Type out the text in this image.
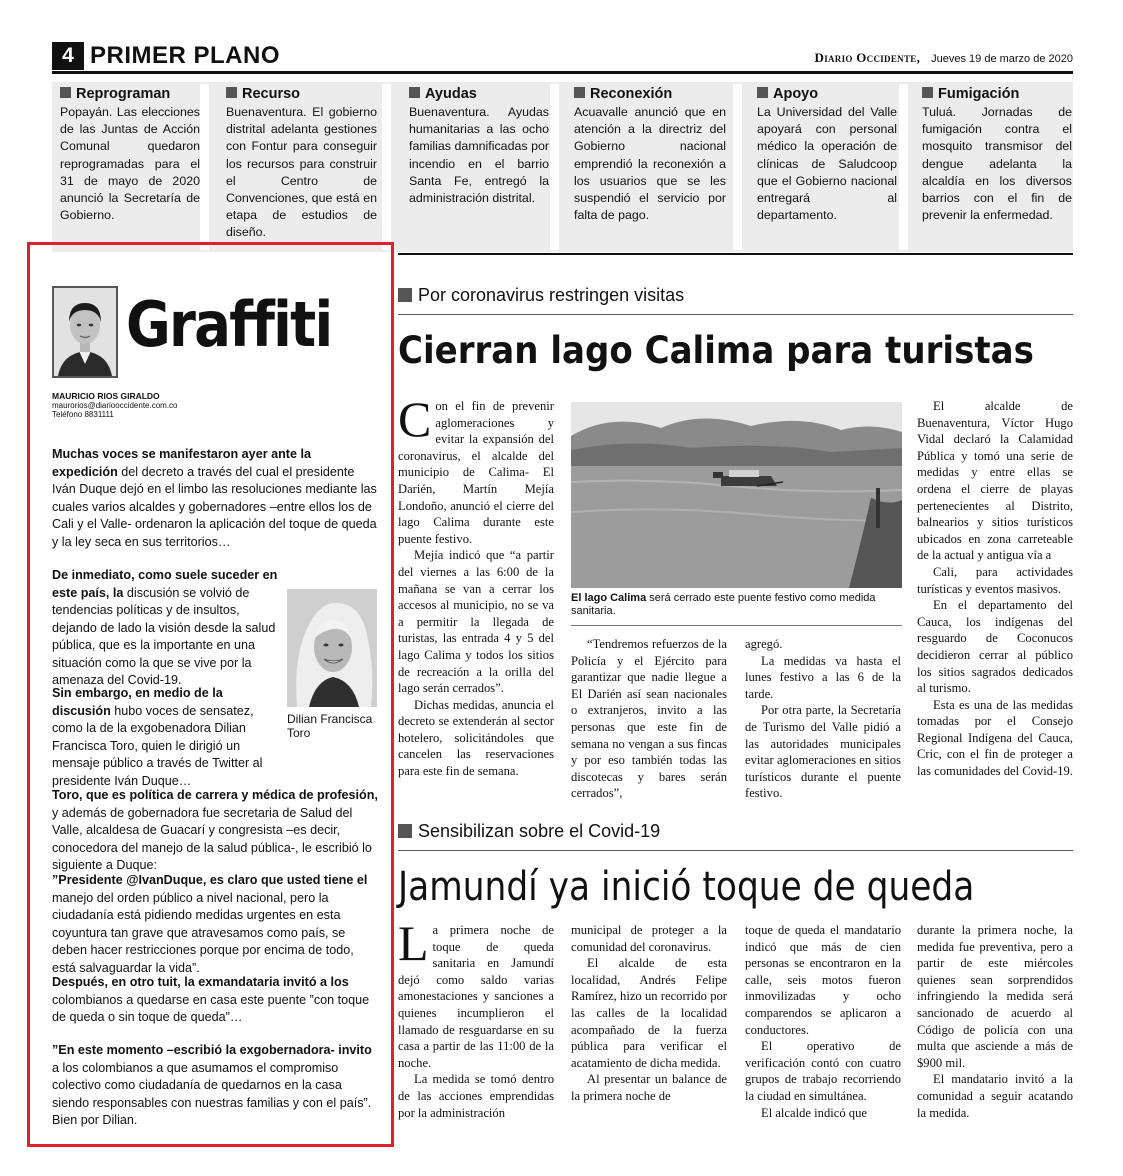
4 PRIMER PLANO	Diario Occidente, Jueves 19 de marzo de 2020
Reprograman

Popayán. Las elecciones de las Juntas de Acción Comunal quedaron reprogramadas para el 31 de mayo de 2020 anunció la Secretaría de Gobierno.

Recurso

Buenaventura. El gobierno distrital adelanta gestiones con Fontur para conseguir los recursos para construir el Centro de Convenciones, que está en etapa de estudios de diseño.

Ayudas

Buenaventura. Ayudas humanitarias a las ocho familias damnificadas por incendio en el barrio Santa Fe, entregó la administración distrital.

Reconexión

Acuavalle anunció que en atención a la directriz del Gobierno nacional emprendió la reconexión a los usuarios que se les suspendió el servicio por falta de pago.

Apoyo

La Universidad del Valle apoyará con personal médico la operación de clínicas de Saludcoop que el Gobierno nacional entregará al departamento.

Fumigación

Tuluá. Jornadas de fumigación contra el mosquito transmisor del dengue adelanta la alcaldía en los diversos barrios con el fin de prevenir la enfermedad.

Graffiti
MAURICIO RIOS GIRALDO
maurorios@diariooccidente.com.co
Teléfono 8831111
Muchas voces se manifestaron ayer ante la expedición del decreto a través del cual el presidente Iván Duque dejó en el limbo las resoluciones mediante las cuales varios alcaldes y gobernadores –entre ellos los de Cali y el Valle- ordenaron la aplicación del toque de queda y la ley seca en sus territorios…
De inmediato, como suele suceder en este país, la discusión se volvió de tendencias políticas y de insultos, dejando de lado la visión desde la salud pública, que es la importante en una situación como la que se vive por la amenaza del Covid-19.
Sin embargo, en medio de la discusión hubo voces de sensatez, como la de la exgobenadora Dilian Francisca Toro, quien le dirigió un mensaje público a través de Twitter al presidente Iván Duque…
Toro, que es política de carrera y médica de profesión, y además de gobernadora fue secretaria de Salud del Valle, alcaldesa de Guacarí y congresista –es decir, conocedora del manejo de la salud pública-, le escribió lo siguiente a Duque:
”Presidente @IvanDuque, es claro que usted tiene el manejo del orden público a nivel nacional, pero la ciudadanía está pidiendo medidas urgentes en esta coyuntura tan grave que atravesamos como país, se deben hacer restricciones porque por encima de todo, está salvaguardar la vida”.
Después, en otro tuit, la exmandataria invitó a los colombianos a quedarse en casa este puente ”con toque de queda o sin toque de queda”…
”En este momento –escribió la exgobernadora- invito a los colombianos a que asumamos el compromiso colectivo como ciudadanía de quedarnos en la casa siendo responsables con nuestras familias y con el país”. Bien por Dilian.
Dilian Francisca Toro
Por coronavirus restringen visitas
Cierran lago Calima para turistas

Con el fin de prevenir aglomeraciones y evitar la expansión del coronavirus, el alcalde del municipio de Calima- El Darién, Martín Mejía Londoño, anunció el cierre del lago Calima durante este puente festivo.

Mejía indicó que “a partir del viernes a las 6:00 de la mañana se van a cerrar los accesos al municipio, no se va a permitir la llegada de turistas, las entrada 4 y 5 del lago Calima y todos los sitios de recreación a la orilla del lago serán cerrados”.

Dichas medidas, anuncia el decreto se extenderán al sector hotelero, solicitándoles que cancelen las reservaciones para este fin de semana.

El lago Calima será cerrado este puente festivo como medida sanitaria.

“Tendremos refuerzos de la Policía y el Ejército para garantizar que nadie llegue a El Darién así sean nacionales o extranjeros, invito a las personas que este fin de semana no vengan a sus fincas y por eso también todas las discotecas y bares serán cerrados”,

agregó.

La medidas va hasta el lunes festivo a las 6 de la tarde.

Por otra parte, la Secretaría de Turismo del Valle pidió a las autoridades municipales evitar aglomeraciones en sitios turísticos durante el puente festivo.

El alcalde de Buenaventura, Víctor Hugo Vidal declaró la Calamidad Pública y tomó una serie de medidas y entre ellas se ordena el cierre de playas pertenecientes al Distrito, balnearios y sitios turísticos ubicados en zona carreteable de la actual y antigua vía a

Cali, para actividades turísticas y eventos masivos.

En el departamento del Cauca, los indígenas del resguardo de Coconucos decidieron cerrar al público los sitios sagrados dedicados al turismo.

Esta es una de las medidas tomadas por el Consejo Regional Indígena del Cauca, Cric, con el fin de proteger a las comunidades del Covid-19.

Sensibilizan sobre el Covid-19
Jamundí ya inició toque de queda

La primera noche de toque de queda sanitaria en Jamundí dejó como saldo varias amonestaciones y sanciones a quienes incumplieron el llamado de resguardarse en su casa a partir de las 11:00 de la noche.

La medida se tomó dentro de las acciones emprendidas por la administración

municipal de proteger a la comunidad del coronavirus.

El alcalde de esta localidad, Andrés Felipe Ramírez, hizo un recorrido por las calles de la localidad acompañado de la fuerza pública para verificar el acatamiento de dicha medida.

Al presentar un balance de la primera noche de

toque de queda el mandatario indicó que más de cien personas se encontraron en la calle, seis motos fueron inmovilizadas y ocho comparendos se aplicaron a conductores.

El operativo de verificación contó con cuatro grupos de trabajo recorriendo la ciudad en simultánea.

El alcalde indicó que

durante la primera noche, la medida fue preventiva, pero a partir de este miércoles quienes sean sorprendidos infringiendo la medida será sancionado de acuerdo al Código de policía con una multa que asciende a más de $900 mil.

El mandatario invitó a la comunidad a seguir acatando la medida.
